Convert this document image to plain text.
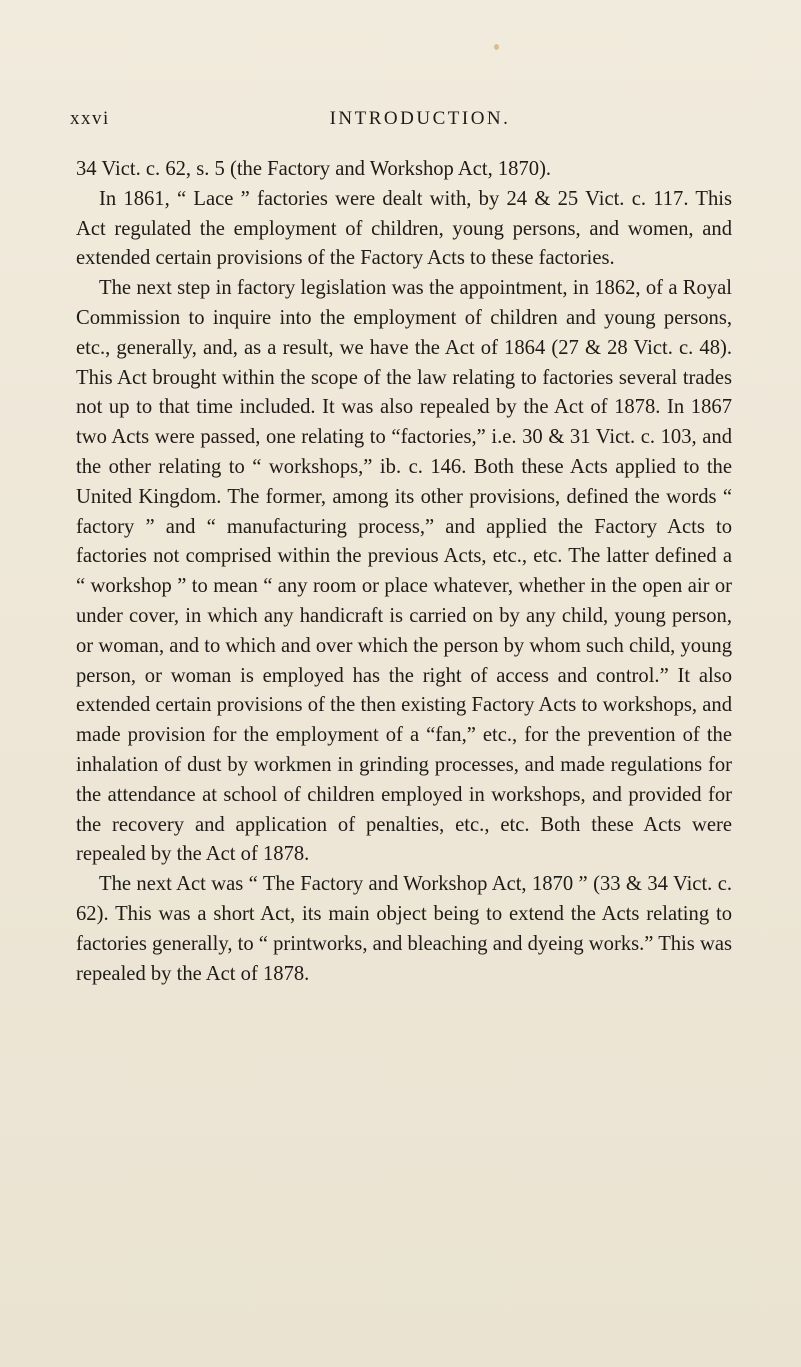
xxvi	INTRODUCTION.

34 Vict. c. 62, s. 5 (the Factory and Workshop Act, 1870).

In 1861, “ Lace ” factories were dealt with, by 24 & 25 Vict. c. 117. This Act regulated the employment of children, young persons, and women, and extended certain provisions of the Factory Acts to these factories.

The next step in factory legislation was the appointment, in 1862, of a Royal Commission to inquire into the employment of children and young persons, etc., generally, and, as a result, we have the Act of 1864 (27 & 28 Vict. c. 48). This Act brought within the scope of the law relating to factories several trades not up to that time included. It was also repealed by the Act of 1878. In 1867 two Acts were passed, one relating to “factories,” i.e. 30 & 31 Vict. c. 103, and the other relating to “ workshops,” ib. c. 146. Both these Acts applied to the United Kingdom. The former, among its other provisions, defined the words “ factory ” and “ manufacturing process,” and applied the Factory Acts to factories not comprised within the previous Acts, etc., etc. The latter defined a “ workshop ” to mean “ any room or place whatever, whether in the open air or under cover, in which any handicraft is carried on by any child, young person, or woman, and to which and over which the person by whom such child, young person, or woman is employed has the right of access and control.” It also extended certain provisions of the then existing Factory Acts to workshops, and made provision for the employment of a “fan,” etc., for the prevention of the inhalation of dust by workmen in grinding processes, and made regulations for the attendance at school of children employed in workshops, and provided for the recovery and application of penalties, etc., etc. Both these Acts were repealed by the Act of 1878.

The next Act was “ The Factory and Workshop Act, 1870 ” (33 & 34 Vict. c. 62). This was a short Act, its main object being to extend the Acts relating to factories generally, to “ printworks, and bleaching and dyeing works.” This was repealed by the Act of 1878.
